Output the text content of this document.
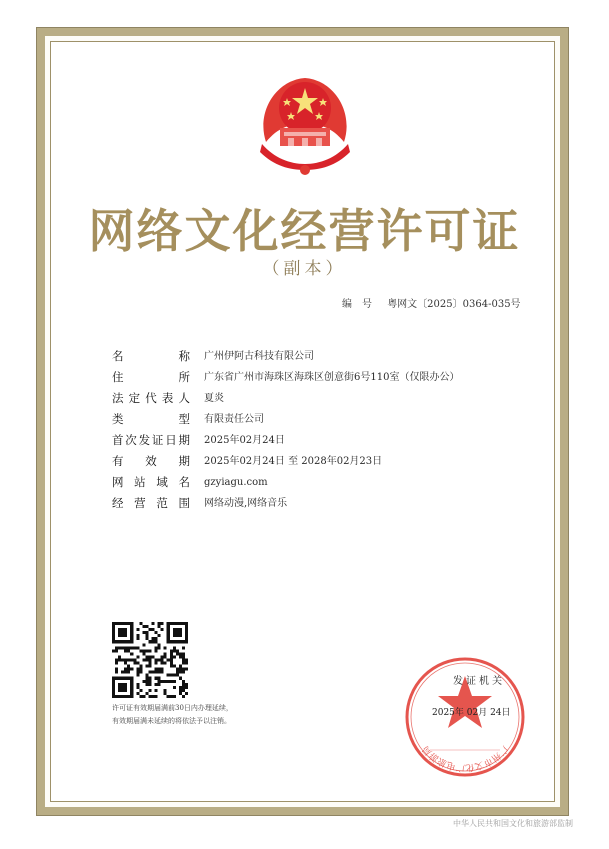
网络文化经营许可证
（副本）
编号 粤网文〔2025〕0364-035号
名称 广州伊阿古科技有限公司
住所 广东省广州市海珠区海珠区创意街6号110室（仅限办公）
法定代表人 夏炎
类型 有限责任公司
首次发证日期 2025年02月24日
有效期 2025年02月24日 至 2028年02月23日
网站域名 gzyiagu.com
经营范围 网络动漫,网络音乐
许可证有效期届满前30日内办理延续，
有效期届满未延续的将依法予以注销。
广州市文化广电旅游局
发证机关
2025年 02月 24日
中华人民共和国文化和旅游部监制
